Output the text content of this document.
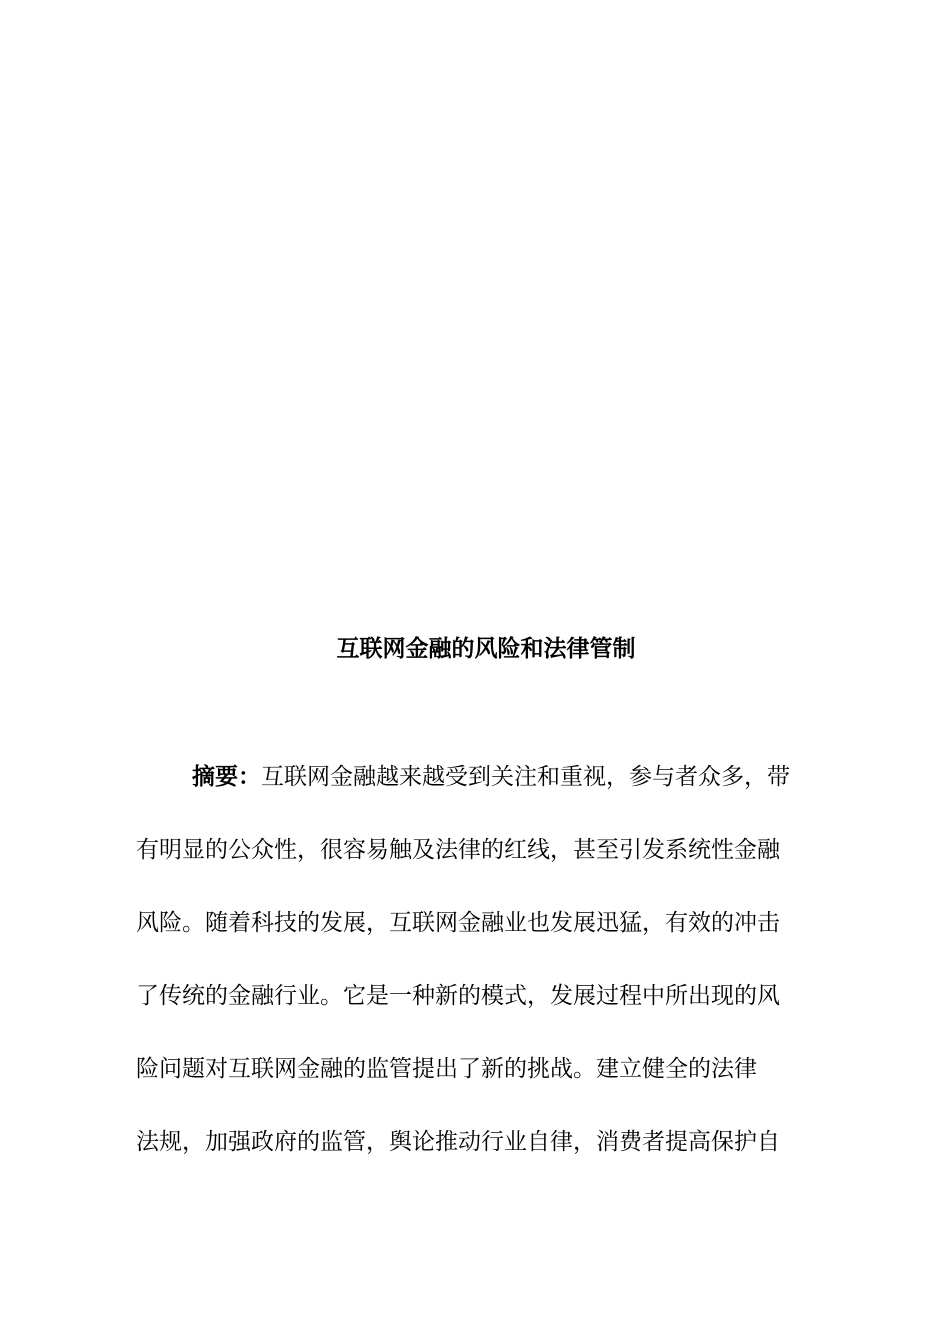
互联网金融的风险和法律管制
摘要：互联网金融越来越受到关注和重视，参与者众多，带
有明显的公众性，很容易触及法律的红线，甚至引发系统性金融
风险。随着科技的发展，互联网金融业也发展迅猛，有效的冲击
了传统的金融行业。它是一种新的模式，发展过程中所出现的风
险问题对互联网金融的监管提出了新的挑战。建立健全的法律
法规，加强政府的监管，舆论推动行业自律，消费者提高保护自
